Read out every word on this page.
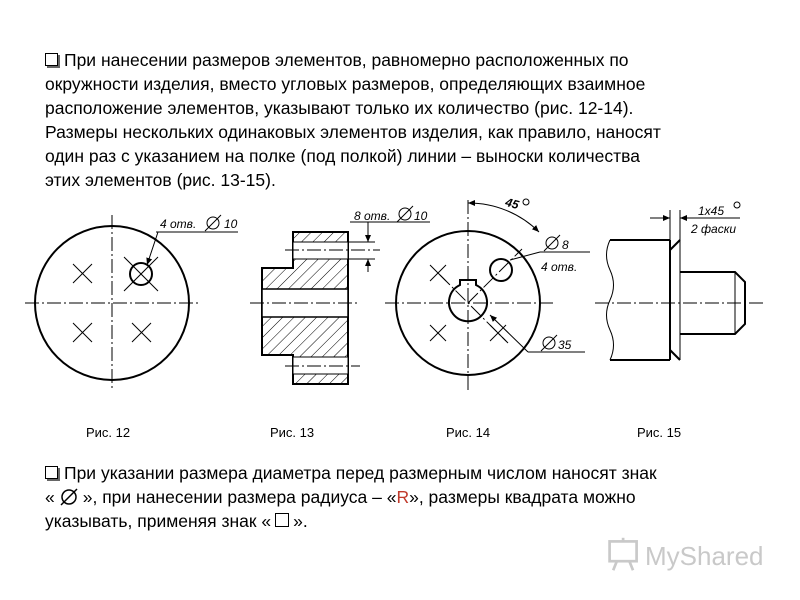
При нанесении размеров элементов, равномерно расположенных по
окружности изделия, вместо угловых размеров, определяющих взаимное
расположение элементов, указывают только их количество (рис. 12-14).
Размеры нескольких одинаковых элементов изделия, как правило, наносят
один раз с указанием на полке (под полкой) линии – выноски количества
этих элементов (рис. 13-15).
4 отв. 10
8 отв. 10
45
8
4 отв.
35
1x45
2 фаски
Рис. 12	Рис. 13	Рис. 14	Рис. 15
При указании размера диаметра перед размерным числом наносят знак
« », при нанесении размера радиуса – «R», размеры квадрата можно
указывать, применяя знак « ».
MyShared
